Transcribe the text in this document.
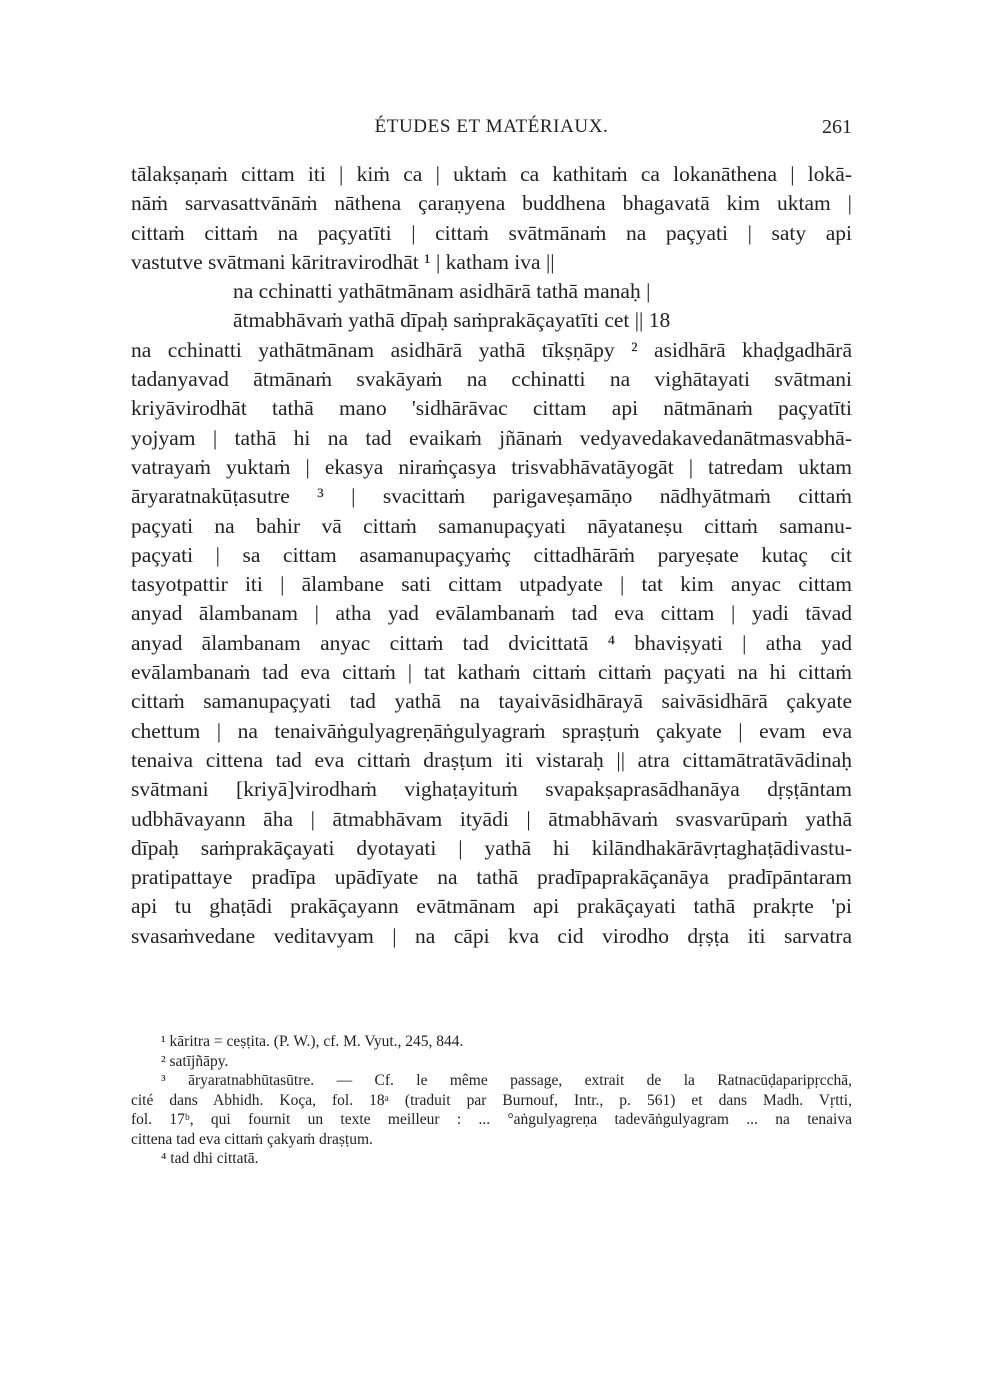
ÉTUDES ET MATÉRIAUX.	261
tālakṣaṇaṁ cittam iti | kiṁ ca | uktaṁ ca kathitaṁ ca lokanāthena | lokā-
nāṁ sarvasattvānāṁ nāthena çaraṇyena buddhena bhagavatā kim uktam |
cittaṁ cittaṁ na paçyatīti | cittaṁ svātmānaṁ na paçyati | saty api
vastutve svātmani kāritravirodhāt ¹ | katham iva ||
na cchinatti yathātmānam asidhārā tathā manaḥ |
ātmabhāvaṁ yathā dīpaḥ saṁprakāçayatīti cet || 18
na cchinatti yathātmānam asidhārā yathā tīkṣṇāpy ² asidhārā khaḍgadhārā
tadanyavad ātmānaṁ svakāyaṁ na cchinatti na vighātayati svātmani
kriyāvirodhāt tathā mano 'sidhārāvac cittam api nātmānaṁ paçyatīti
yojyam | tathā hi na tad evaikaṁ jñānaṁ vedyavedakavedanātmasvabhā-
vatrayaṁ yuktaṁ | ekasya niraṁçasya trisvabhāvatāyogāt | tatredam uktam
āryaratnakūṭasutre ³ | svacittaṁ parigaveṣamāṇo nādhyātmaṁ cittaṁ
paçyati na bahir vā cittaṁ samanupaçyati nāyataneṣu cittaṁ samanu-
paçyati | sa cittam asamanupaçyaṁç cittadhārāṁ paryeṣate kutaç cit
tasyotpattir iti | ālambane sati cittam utpadyate | tat kim anyac cittam
anyad ālambanam | atha yad evālambanaṁ tad eva cittam | yadi tāvad
anyad ālambanam anyac cittaṁ tad dvicittatā ⁴ bhaviṣyati | atha yad
evālambanaṁ tad eva cittaṁ | tat kathaṁ cittaṁ cittaṁ paçyati na hi cittaṁ
cittaṁ samanupaçyati tad yathā na tayaivāsidhārayā saivāsidhārā çakyate
chettum | na tenaivāṅgulyagreṇāṅgulyagraṁ spraṣṭuṁ çakyate | evam eva
tenaiva cittena tad eva cittaṁ draṣṭum iti vistaraḥ || atra cittamātratāvādinaḥ
svātmani [kriyā]virodhaṁ vighaṭayituṁ svapakṣaprasādhanāya dṛṣṭāntam
udbhāvayann āha | ātmabhāvam ityādi | ātmabhāvaṁ svasvarūpaṁ yathā
dīpaḥ saṁprakāçayati dyotayati | yathā hi kilāndhakārāvṛtaghaṭādivastu-
pratipattaye pradīpa upādīyate na tathā pradīpaprakāçanāya pradīpāntaram
api tu ghaṭādi prakāçayann evātmānam api prakāçayati tathā prakṛte 'pi
svasaṁvedane veditavyam | na cāpi kva cid virodho dṛṣṭa iti sarvatra
¹ kāritra = ceṣṭita. (P. W.), cf. M. Vyut., 245, 844.
² satījñāpy.
³ āryaratnabhūtasūtre. — Cf. le même passage, extrait de la Ratnacūḍaparipṛcchā,
cité dans Abhidh. Koça, fol. 18ᵃ (traduit par Burnouf, Intr., p. 561) et dans Madh. Vṛtti,
fol. 17ᵇ, qui fournit un texte meilleur : ... °aṅgulyagreṇa tadevāṅgulyagram ... na tenaiva
cittena tad eva cittaṁ çakyaṁ draṣṭum.
⁴ tad dhi cittatā.
